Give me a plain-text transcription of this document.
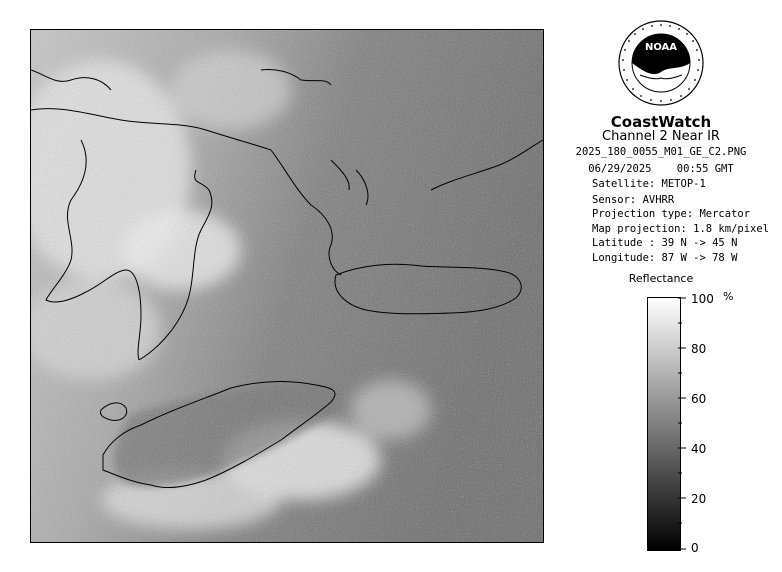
NOAA
CoastWatch
Channel 2 Near IR
2025_180_0055_M01_GE_C2.PNG
06/29/2025 00:55 GMT
Satellite: METOP-1
Sensor: AVHRR
Projection type: Mercator
Map projection: 1.8 km/pixel
Latitude : 39 N -> 45 N
Longitude: 87 W -> 78 W
Reflectance
%
100
80
60
40
20
0
